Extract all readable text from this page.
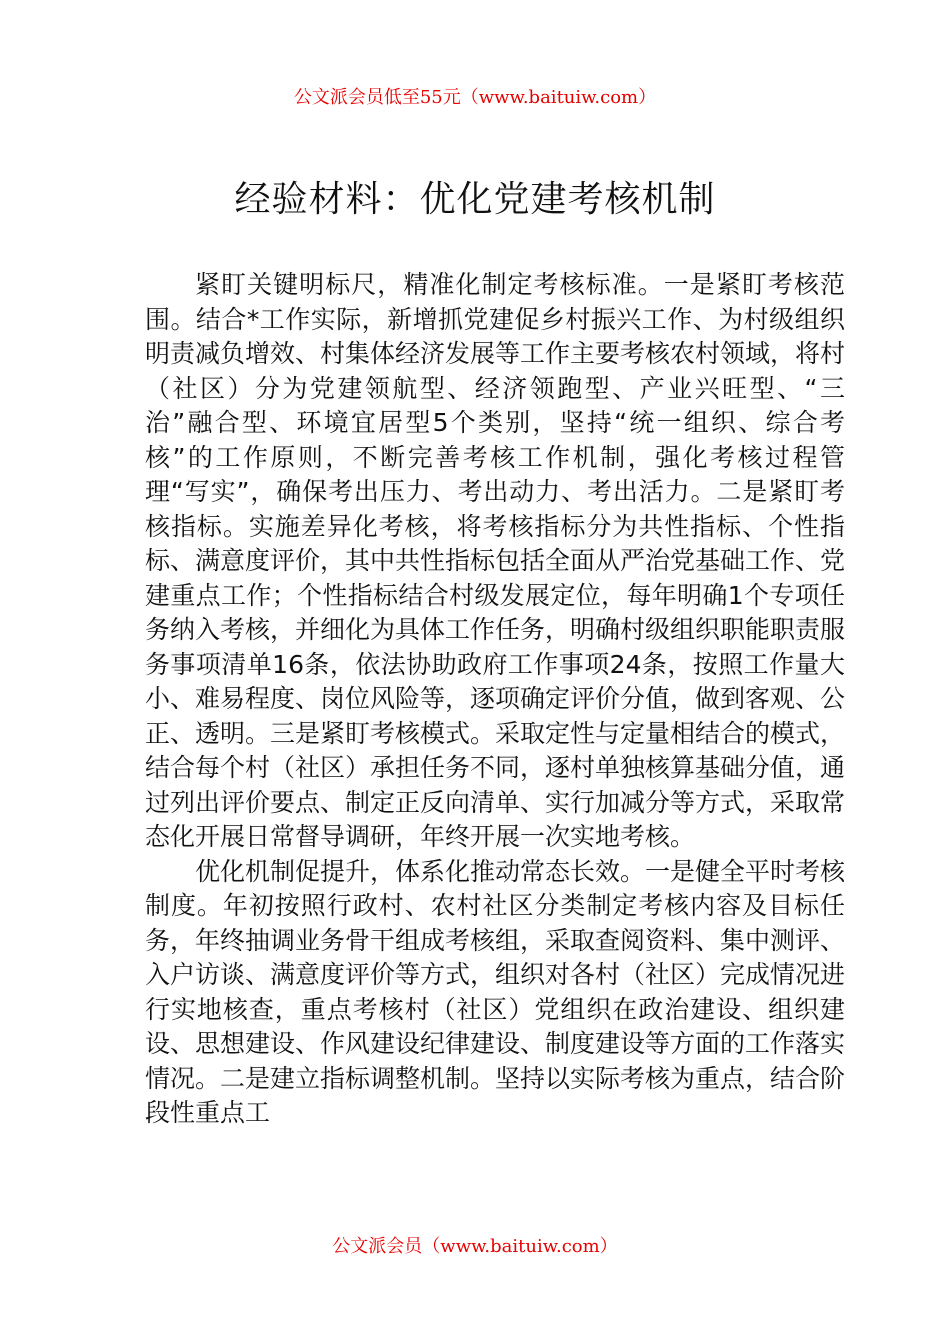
公文派会员低至55元（www.baituiw.com）
经验材料：优化党建考核机制

紧盯关键明标尺，精准化制定考核标准。一是紧盯考核范围。结合*工作实际，新增抓党建促乡村振兴工作、为村级组织明责减负增效、村集体经济发展等工作主要考核农村领域，将村（社区）分为党建领航型、经济领跑型、产业兴旺型、“三治”融合型、环境宜居型5个类别，坚持“统一组织、综合考核”的工作原则，不断完善考核工作机制，强化考核过程管理“写实”，确保考出压力、考出动力、考出活力。二是紧盯考核指标。实施差异化考核，将考核指标分为共性指标、个性指标、满意度评价，其中共性指标包括全面从严治党基础工作、党建重点工作；个性指标结合村级发展定位，每年明确1个专项任务纳入考核，并细化为具体工作任务，明确村级组织职能职责服务事项清单16条，依法协助政府工作事项24条，按照工作量大小、难易程度、岗位风险等，逐项确定评价分值，做到客观、公正、透明。三是紧盯考核模式。采取定性与定量相结合的模式，结合每个村（社区）承担任务不同，逐村单独核算基础分值，通过列出评价要点、制定正反向清单、实行加减分等方式，采取常态化开展日常督导调研，年终开展一次实地考核。

优化机制促提升，体系化推动常态长效。一是健全平时考核制度。年初按照行政村、农村社区分类制定考核内容及目标任务，年终抽调业务骨干组成考核组，采取查阅资料、集中测评、入户访谈、满意度评价等方式，组织对各村（社区）完成情况进行实地核查，重点考核村（社区）党组织在政治建设、组织建设、思想建设、作风建设纪律建设、制度建设等方面的工作落实情况。二是建立指标调整机制。坚持以实际考核为重点，结合阶段性重点工

公文派会员（www.baituiw.com）
